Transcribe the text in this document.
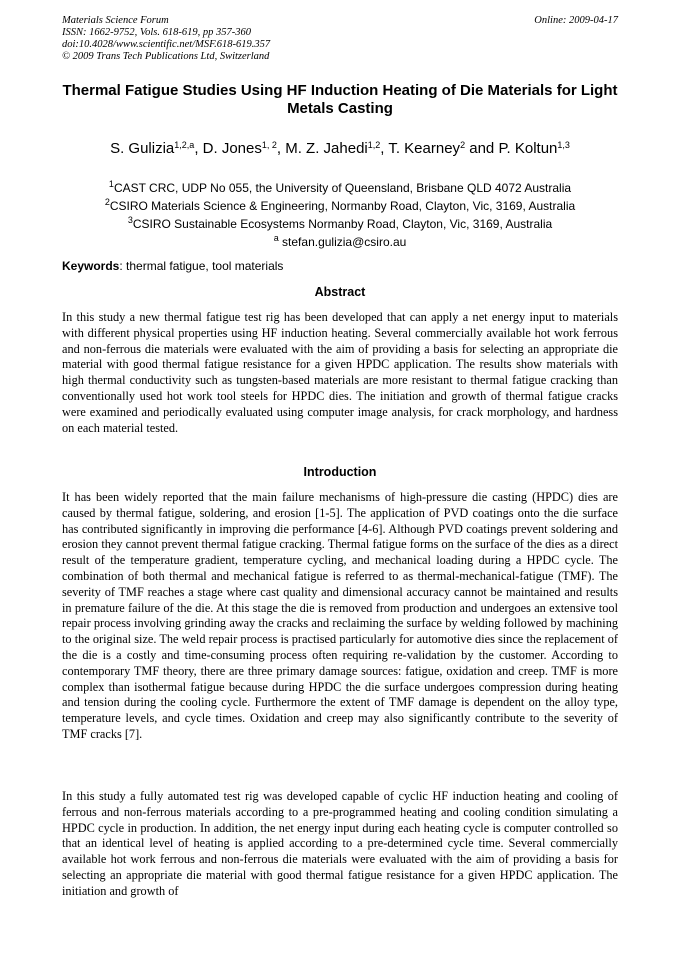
Materials Science Forum
ISSN: 1662-9752, Vols. 618-619, pp 357-360
doi:10.4028/www.scientific.net/MSF.618-619.357
© 2009 Trans Tech Publications Ltd, Switzerland
Online: 2009-04-17
Thermal Fatigue Studies Using HF Induction Heating of Die Materials for Light Metals Casting
S. Gulizia$^{1,2,a}$, D. Jones$^{1, 2}$, M. Z. Jahedi$^{1,2}$, T. Kearney$^2$ and P. Koltun$^{1,3}$
$^1$CAST CRC, UDP No 055, the University of Queensland, Brisbane QLD 4072 Australia
$^2$CSIRO Materials Science & Engineering, Normanby Road, Clayton, Vic, 3169, Australia
$^3$CSIRO Sustainable Ecosystems Normanby Road, Clayton, Vic, 3169, Australia
$^a$ stefan.gulizia@csiro.au
Keywords: thermal fatigue, tool materials
Abstract
In this study a new thermal fatigue test rig has been developed that can apply a net energy input to materials with different physical properties using HF induction heating. Several commercially available hot work ferrous and non-ferrous die materials were evaluated with the aim of providing a basis for selecting an appropriate die material with good thermal fatigue resistance for a given HPDC application. The results show materials with high thermal conductivity such as tungsten-based materials are more resistant to thermal fatigue cracking than conventionally used hot work tool steels for HPDC dies. The initiation and growth of thermal fatigue cracks were examined and periodically evaluated using computer image analysis, for crack morphology, and hardness on each material tested.
Introduction
It has been widely reported that the main failure mechanisms of high-pressure die casting (HPDC) dies are caused by thermal fatigue, soldering, and erosion [1-5]. The application of PVD coatings onto the die surface has contributed significantly in improving die performance [4-6]. Although PVD coatings prevent soldering and erosion they cannot prevent thermal fatigue cracking. Thermal fatigue forms on the surface of the dies as a direct result of the temperature gradient, temperature cycling, and mechanical loading during a HPDC cycle. The combination of both thermal and mechanical fatigue is referred to as thermal-mechanical-fatigue (TMF). The severity of TMF reaches a stage where cast quality and dimensional accuracy cannot be maintained and results in premature failure of the die. At this stage the die is removed from production and undergoes an extensive tool repair process involving grinding away the cracks and reclaiming the surface by welding followed by machining to the original size. The weld repair process is practised particularly for automotive dies since the replacement of the die is a costly and time-consuming process often requiring re-validation by the customer. According to contemporary TMF theory, there are three primary damage sources: fatigue, oxidation and creep. TMF is more complex than isothermal fatigue because during HPDC the die surface undergoes compression during heating and tension during the cooling cycle. Furthermore the extent of TMF damage is dependent on the alloy type, temperature levels, and cycle times. Oxidation and creep may also significantly contribute to the severity of TMF cracks [7].
In this study a fully automated test rig was developed capable of cyclic HF induction heating and cooling of ferrous and non-ferrous materials according to a pre-programmed heating and cooling condition simulating a HPDC cycle in production. In addition, the net energy input during each heating cycle is computer controlled so that an identical level of heating is applied according to a pre-determined cycle time. Several commercially available hot work ferrous and non-ferrous die materials were evaluated with the aim of providing a basis for selecting an appropriate die material with good thermal fatigue resistance for a given HPDC application. The initiation and growth of
